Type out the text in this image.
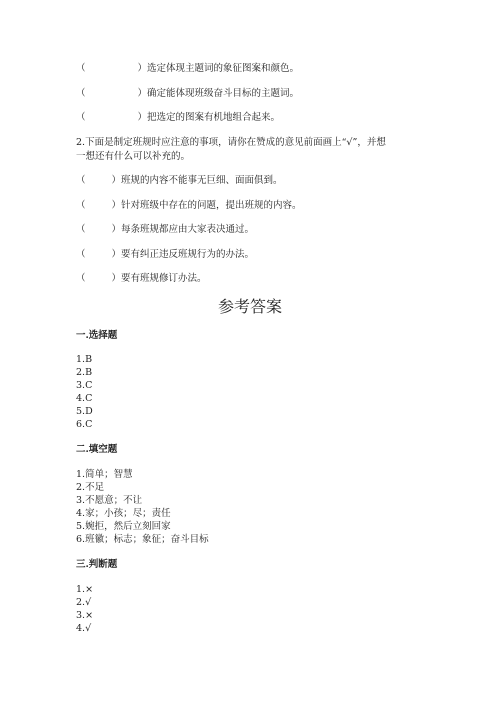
（	）选定体现主题词的象征图案和颜色。
（	）确定能体现班级奋斗目标的主题词。
（	）把选定的图案有机地组合起来。
2.下面是制定班规时应注意的事项，请你在赞成的意见前面画上“√”，并想
一想还有什么可以补充的。
（	）班规的内容不能事无巨细、面面俱到。
（	）针对班级中存在的问题，提出班规的内容。
（	）每条班规都应由大家表决通过。
（	）要有纠正违反班规行为的办法。
（	）要有班规修订办法。
参考答案
一.选择题
1.B
2.B
3.C
4.C
5.D
6.C
二.填空题
1.简单；智慧
2.不足
3.不愿意；不让
4.家；小孩；尽；责任
5.婉拒，然后立刻回家
6.班徽；标志；象征；奋斗目标
三.判断题
1.×
2.√
3.×
4.√
